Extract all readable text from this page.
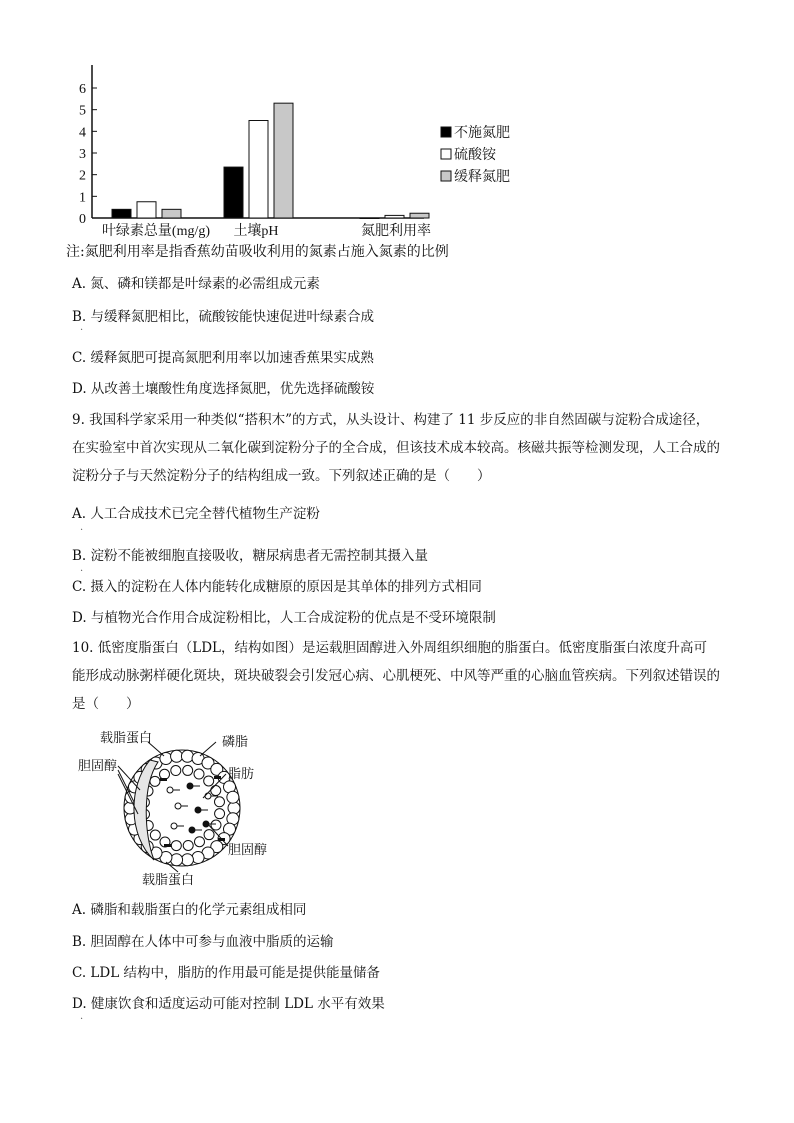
0
1
2
3
4
5
6
叶绿素总量(mg/g) 土壤pH	氮肥利用率
不施氮肥
硫酸铵
缓释氮肥
注:氮肥利用率是指香蕉幼苗吸收利用的氮素占施入氮素的比例
A. 氮、磷和镁都是叶绿素的必需组成元素
B. 与缓释氮肥相比，硫酸铵能快速促进叶绿素合成
C. 缓释氮肥可提高氮肥利用率以加速香蕉果实成熟
D. 从改善土壤酸性角度选择氮肥，优先选择硫酸铵
9. 我国科学家采用一种类似“搭积木”的方式，从头设计、构建了 11 步反应的非自然固碳与淀粉合成途径，在实验室中首次实现从二氧化碳到淀粉分子的全合成，但该技术成本较高。核磁共振等检测发现，人工合成的淀粉分子与天然淀粉分子的结构组成一致。下列叙述正确的是（　　）
A. 人工合成技术已完全替代植物生产淀粉
B. 淀粉不能被细胞直接吸收，糖尿病患者无需控制其摄入量
C. 摄入的淀粉在人体内能转化成糖原的原因是其单体的排列方式相同
D. 与植物光合作用合成淀粉相比，人工合成淀粉的优点是不受环境限制
10. 低密度脂蛋白（LDL，结构如图）是运载胆固醇进入外周组织细胞的脂蛋白。低密度脂蛋白浓度升高可能形成动脉粥样硬化斑块，斑块破裂会引发冠心病、心肌梗死、中风等严重的心脑血管疾病。下列叙述错误的是（　　）
载脂蛋白	磷脂
胆固醇
脂肪
胆固醇
载脂蛋白
A. 磷脂和载脂蛋白的化学元素组成相同
B. 胆固醇在人体中可参与血液中脂质的运输
C. LDL 结构中，脂肪的作用最可能是提供能量储备
D. 健康饮食和适度运动可能对控制 LDL 水平有效果
·
·
·
·
